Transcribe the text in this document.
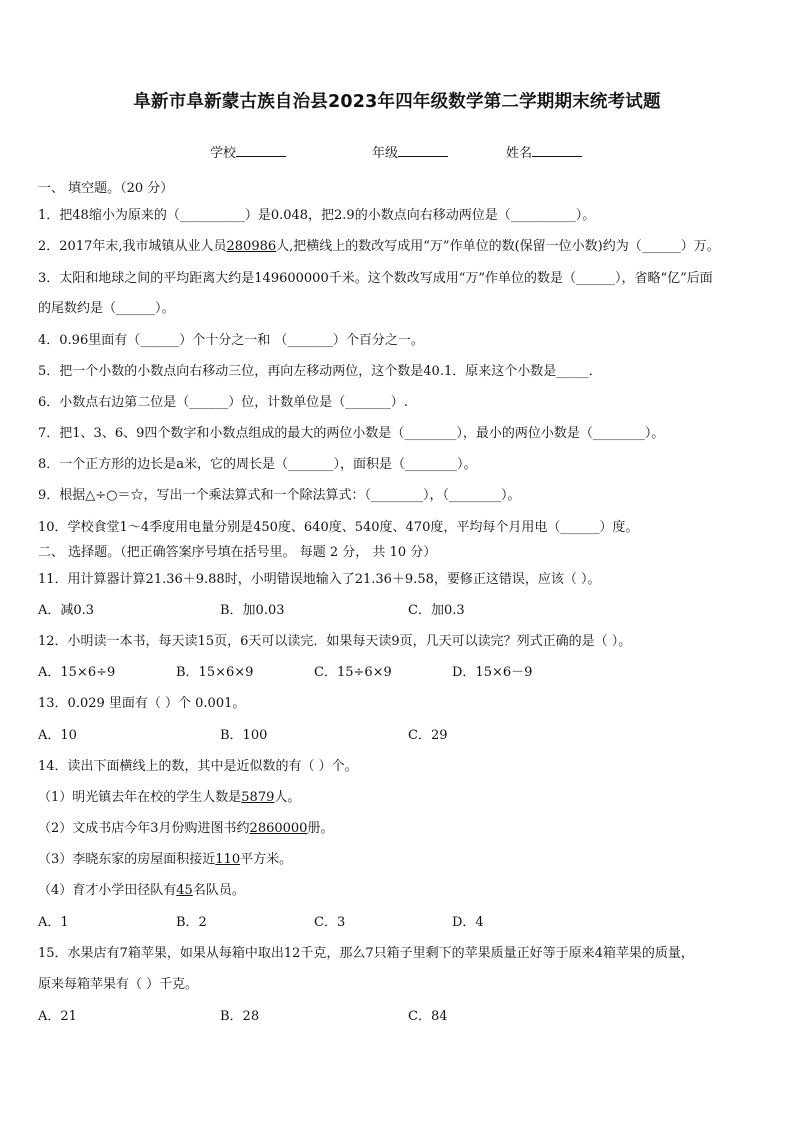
阜新市阜新蒙古族自治县2023年四年级数学第二学期期末统考试题
学校	年级	姓名
一、 填空题。（20 分）
1．把48缩小为原来的（__________）是0.048，把2.9的小数点向右移动两位是（__________）。
2．2017年末,我市城镇从业人员280986人,把横线上的数改写成用“万”作单位的数(保留一位小数)约为（______）万。
3．太阳和地球之间的平均距离大约是149600000千米。这个数改写成用“万”作单位的数是（______），省略“亿”后面
的尾数约是（______）。
4．0.96里面有（______）个十分之一和 （_______）个百分之一。
5．把一个小数的小数点向右移动三位，再向左移动两位，这个数是40.1．原来这个小数是_____．
6．小数点右边第二位是（______）位，计数单位是（_______）.
7．把1、3、6、9四个数字和小数点组成的最大的两位小数是（________），最小的两位小数是（________）。
8．一个正方形的边长是a米，它的周长是（_______），面积是（________）。
9．根据△÷○＝☆，写出一个乘法算式和一个除法算式：（________），（________）。
10．学校食堂1～4季度用电量分别是450度、640度、540度、470度，平均每个月用电（______）度。
二、 选择题。（把正确答案序号填在括号里。 每题 2 分， 共 10 分）
11．用计算器计算21.36＋9.88时，小明错误地输入了21.36＋9.58，要修正这错误，应该（ ）。
A．减0.3	B．加0.03	C．加0.3
12．小明读一本书，每天读15页，6天可以读完．如果每天读9页，几天可以读完？列式正确的是（ ）。
A．15×6÷9	B．15×6×9	C．15÷6×9	D．15×6－9
13．0.029 里面有（ ）个 0.001。
A．10	B．100	C．29
14．读出下面横线上的数，其中是近似数的有（ ）个。
（1）明光镇去年在校的学生人数是5879人。
（2）文成书店今年3月份购进图书约2860000册。
（3）李晓东家的房屋面积接近110平方米。
（4）育才小学田径队有45名队员。
A．1	B．2	C．3	D．4
15．水果店有7箱苹果，如果从每箱中取出12千克，那么7只箱子里剩下的苹果质量正好等于原来4箱苹果的质量，
原来每箱苹果有（ ）千克。
A．21	B．28	C．84
